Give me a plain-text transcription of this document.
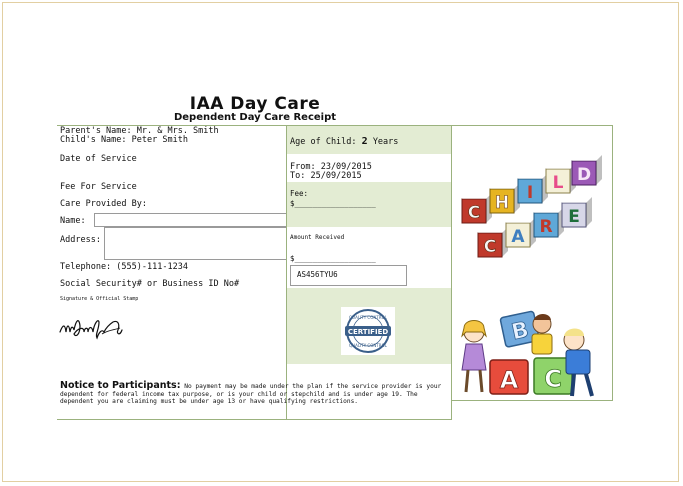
IAA Day Care
Dependent Day Care Receipt
Parent's Name: Mr. & Mrs. Smith
Child's Name: Peter Smith
Date of Service
Fee For Service
Care Provided By:
Name:
Address:
Telephone: (555)-111-1234
Social Security# or Business ID No#
Signature & Official Stamp
Age of Child: 2 Years
From: 23/09/2015
To: 25/09/2015
Fee:
$__________________
Amount Received
$__________________
AS456TYU6
QUALITY CONTROL
CERTIFIED
QUALITY CONTROL
Notice to Participants: No payment may be made under the plan if the service provider is your dependent for federal income tax purpose, or is your child or stepchild and is under age 19. The dependent you are claiming must be under age 13 or have qualifying restrictions.
C H I L D
C A R E
B
A C
